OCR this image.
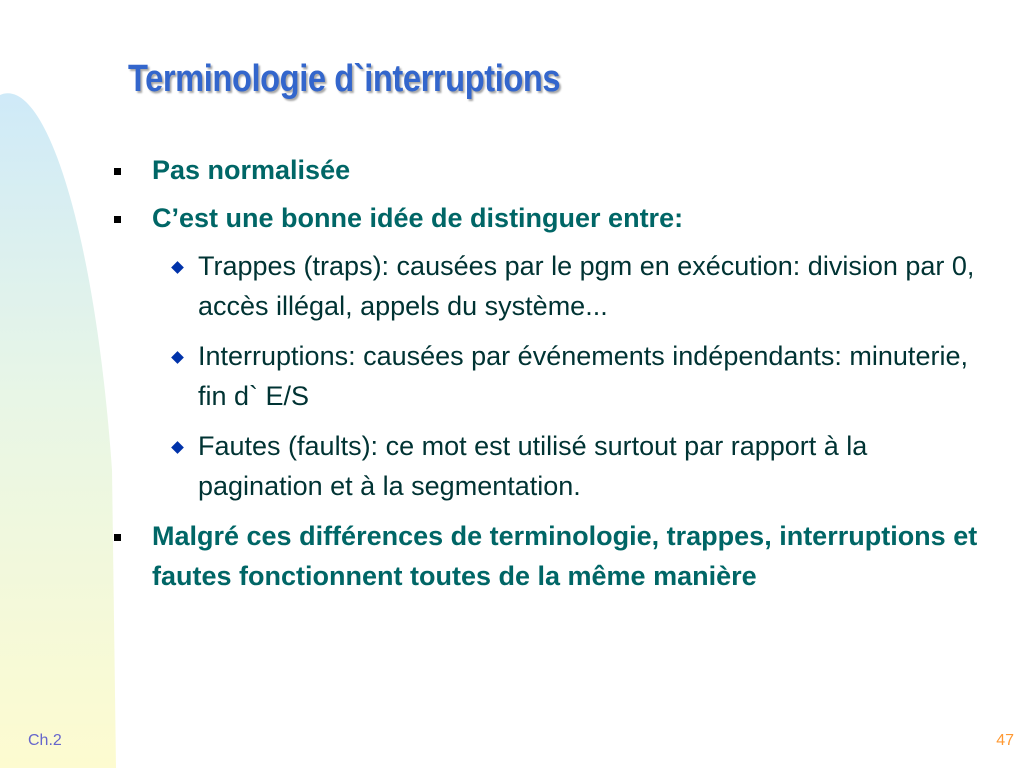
Terminologie d`interruptions
Pas normalisée
C’est une bonne idée de distinguer entre:
Trappes (traps): causées par le pgm en exécution: division par 0, accès illégal, appels du système...
Interruptions: causées par événements indépendants: minuterie, fin d` E/S
Fautes (faults): ce mot est utilisé surtout par rapport à la pagination et à la segmentation.
Malgré ces différences de terminologie, trappes, interruptions et fautes fonctionnent toutes de la même manière
Ch.2	47
